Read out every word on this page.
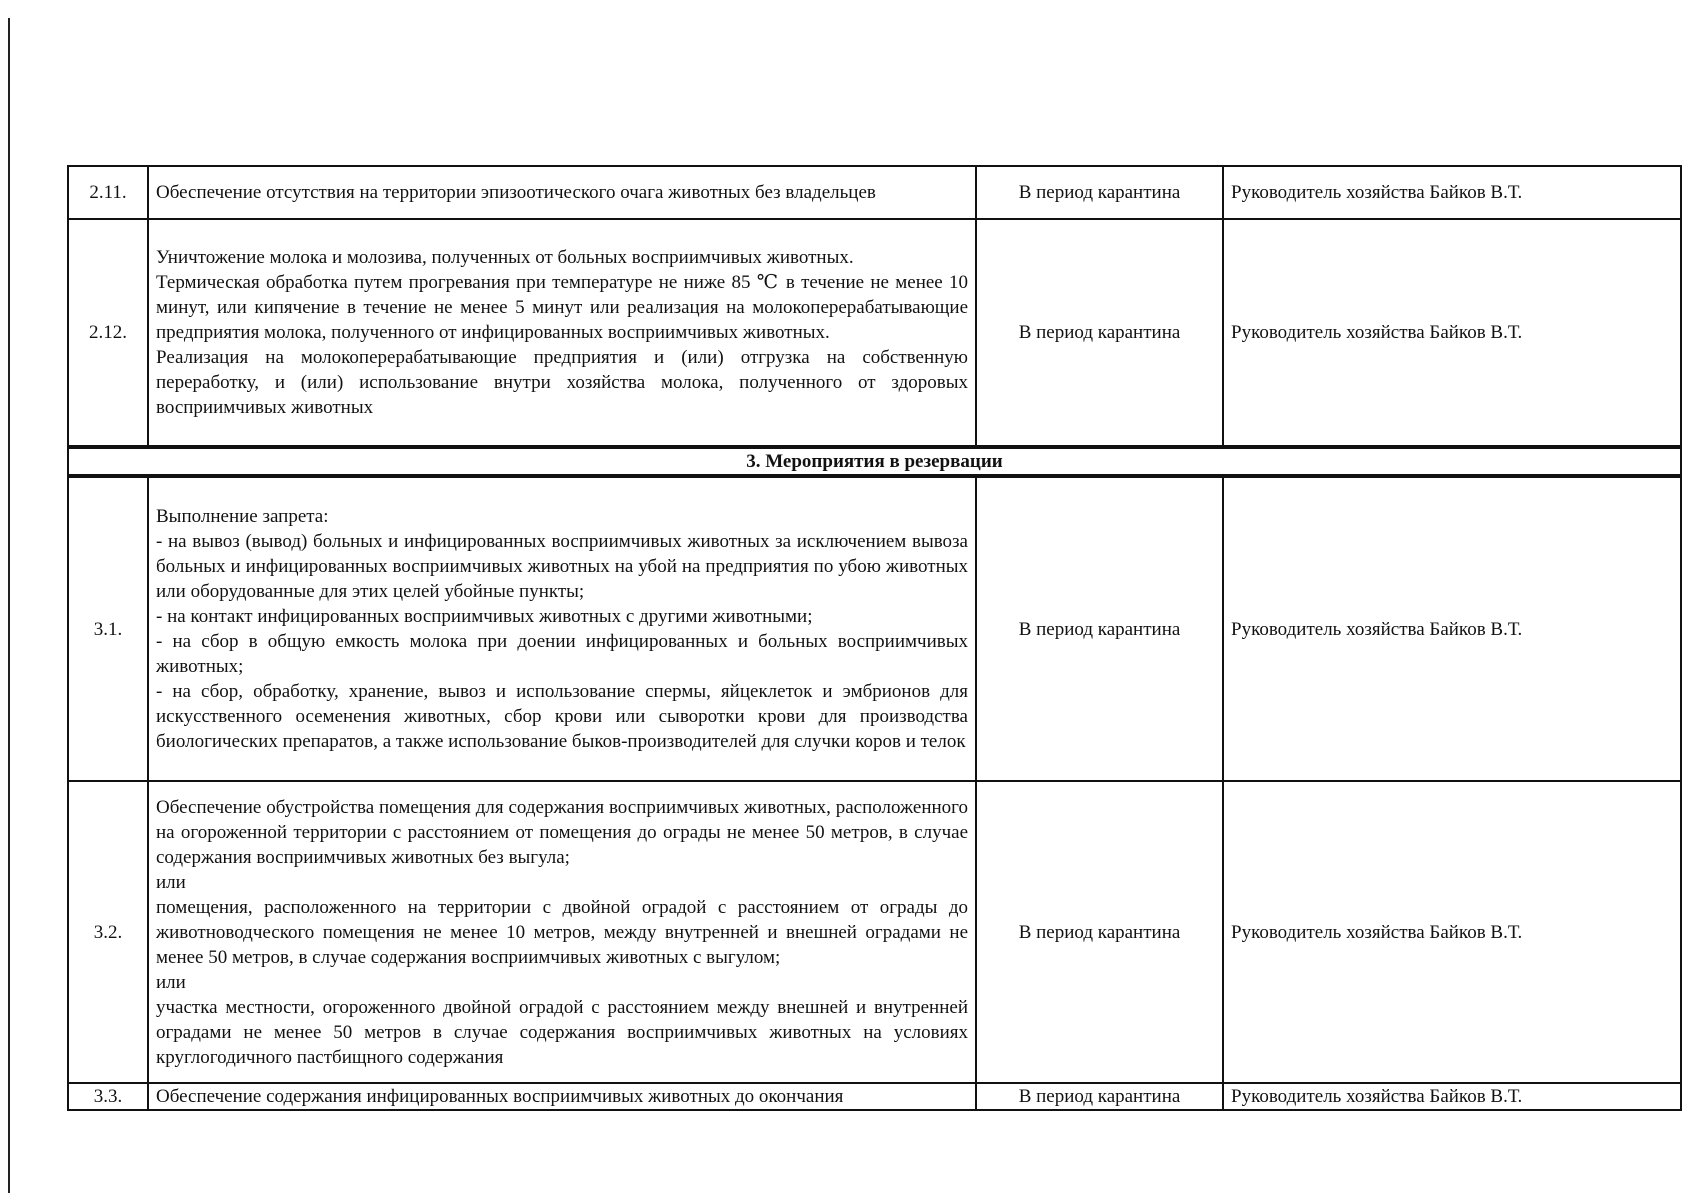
2.11.	Обеспечение отсутствия на территории эпизоотического очага животных без владельцев	В период карантина	Руководитель хозяйства Байков В.Т.
2.12.	Уничтожение молока и молозива, полученных от больных восприимчивых животных.

Термическая обработка путем прогревания при температуре не ниже 85 ℃ в течение не менее 10 минут, или кипячение в течение не менее 5 минут или реализация на молокоперерабатывающие предприятия молока, полученного от инфицированных восприимчивых животных.

Реализация на молокоперерабатывающие предприятия и (или) отгрузка на собственную переработку, и (или) использование внутри хозяйства молока, полученного от здоровых восприимчивых животных	В период карантина	Руководитель хозяйства Байков В.Т.
3. Мероприятия в резервации			
3.1.	Выполнение запрета:

- на вывоз (вывод) больных и инфицированных восприимчивых животных за исключением вывоза больных и инфицированных восприимчивых животных на убой на предприятия по убою животных или оборудованные для этих целей убойные пункты;

- на контакт инфицированных восприимчивых животных с другими животными;

- на сбор в общую емкость молока при доении инфицированных и больных восприимчивых животных;

- на сбор, обработку, хранение, вывоз и использование спермы, яйцеклеток и эмбрионов для искусственного осеменения животных, сбор крови или сыворотки крови для производства биологических препаратов, а также использование быков-производителей для случки коров и телок	В период карантина	Руководитель хозяйства Байков В.Т.
3.2.	Обеспечение обустройства помещения для содержания восприимчивых животных, расположенного на огороженной территории с расстоянием от помещения до ограды не менее 50 метров, в случае содержания восприимчивых животных без выгула;

или

помещения, расположенного на территории с двойной оградой с расстоянием от ограды до животноводческого помещения не менее 10 метров, между внутренней и внешней оградами не менее 50 метров, в случае содержания восприимчивых животных с выгулом;

или

участка местности, огороженного двойной оградой с расстоянием между внешней и внутренней оградами не менее 50 метров в случае содержания восприимчивых животных на условиях круглогодичного пастбищного содержания	В период карантина	Руководитель хозяйства Байков В.Т.
3.3.	Обеспечение содержания инфицированных восприимчивых животных до окончания	В период карантина	Руководитель хозяйства Байков В.Т.
